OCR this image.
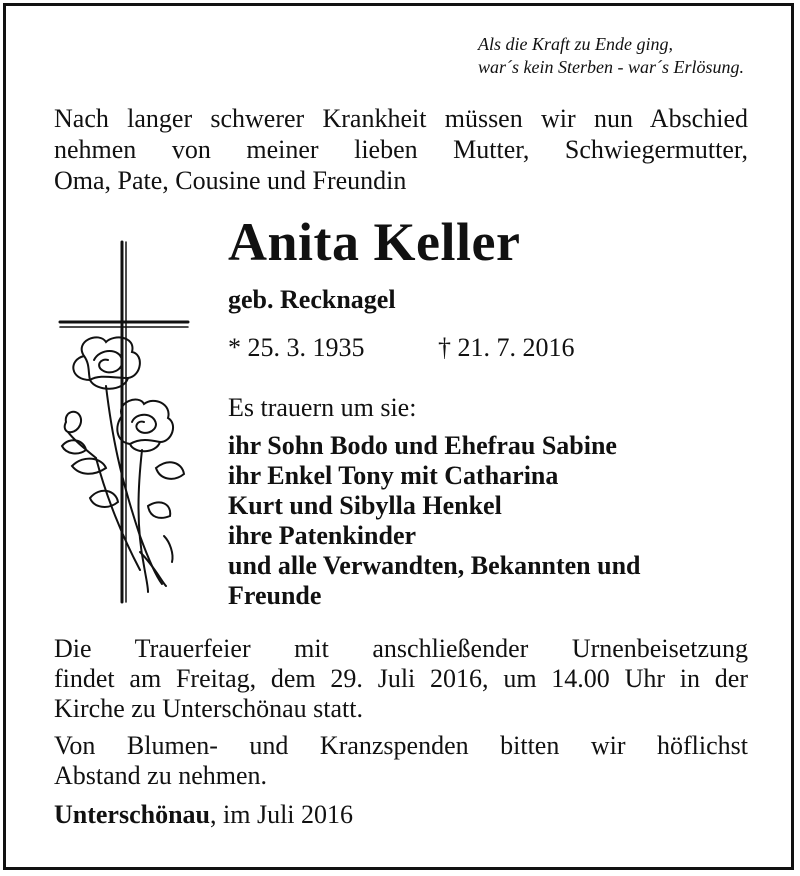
Als die Kraft zu Ende ging,
war´s kein Sterben - war´s Erlösung.
Nach langer schwerer Krankheit müssen wir nun Abschied
nehmen von meiner lieben Mutter, Schwiegermutter,
Oma, Pate, Cousine und Freundin
Anita Keller
geb. Recknagel
* 25. 3. 1935	† 21. 7. 2016
Es trauern um sie:
ihr Sohn Bodo und Ehefrau Sabine
ihr Enkel Tony mit Catharina
Kurt und Sibylla Henkel
ihre Patenkinder
und alle Verwandten, Bekannten und
Freunde
Die Trauerfeier mit anschließender Urnenbeisetzung
findet am Freitag, dem 29. Juli 2016, um 14.00 Uhr in der
Kirche zu Unterschönau statt.
Von Blumen- und Kranzspenden bitten wir höflichst
Abstand zu nehmen.
Unterschönau, im Juli 2016
